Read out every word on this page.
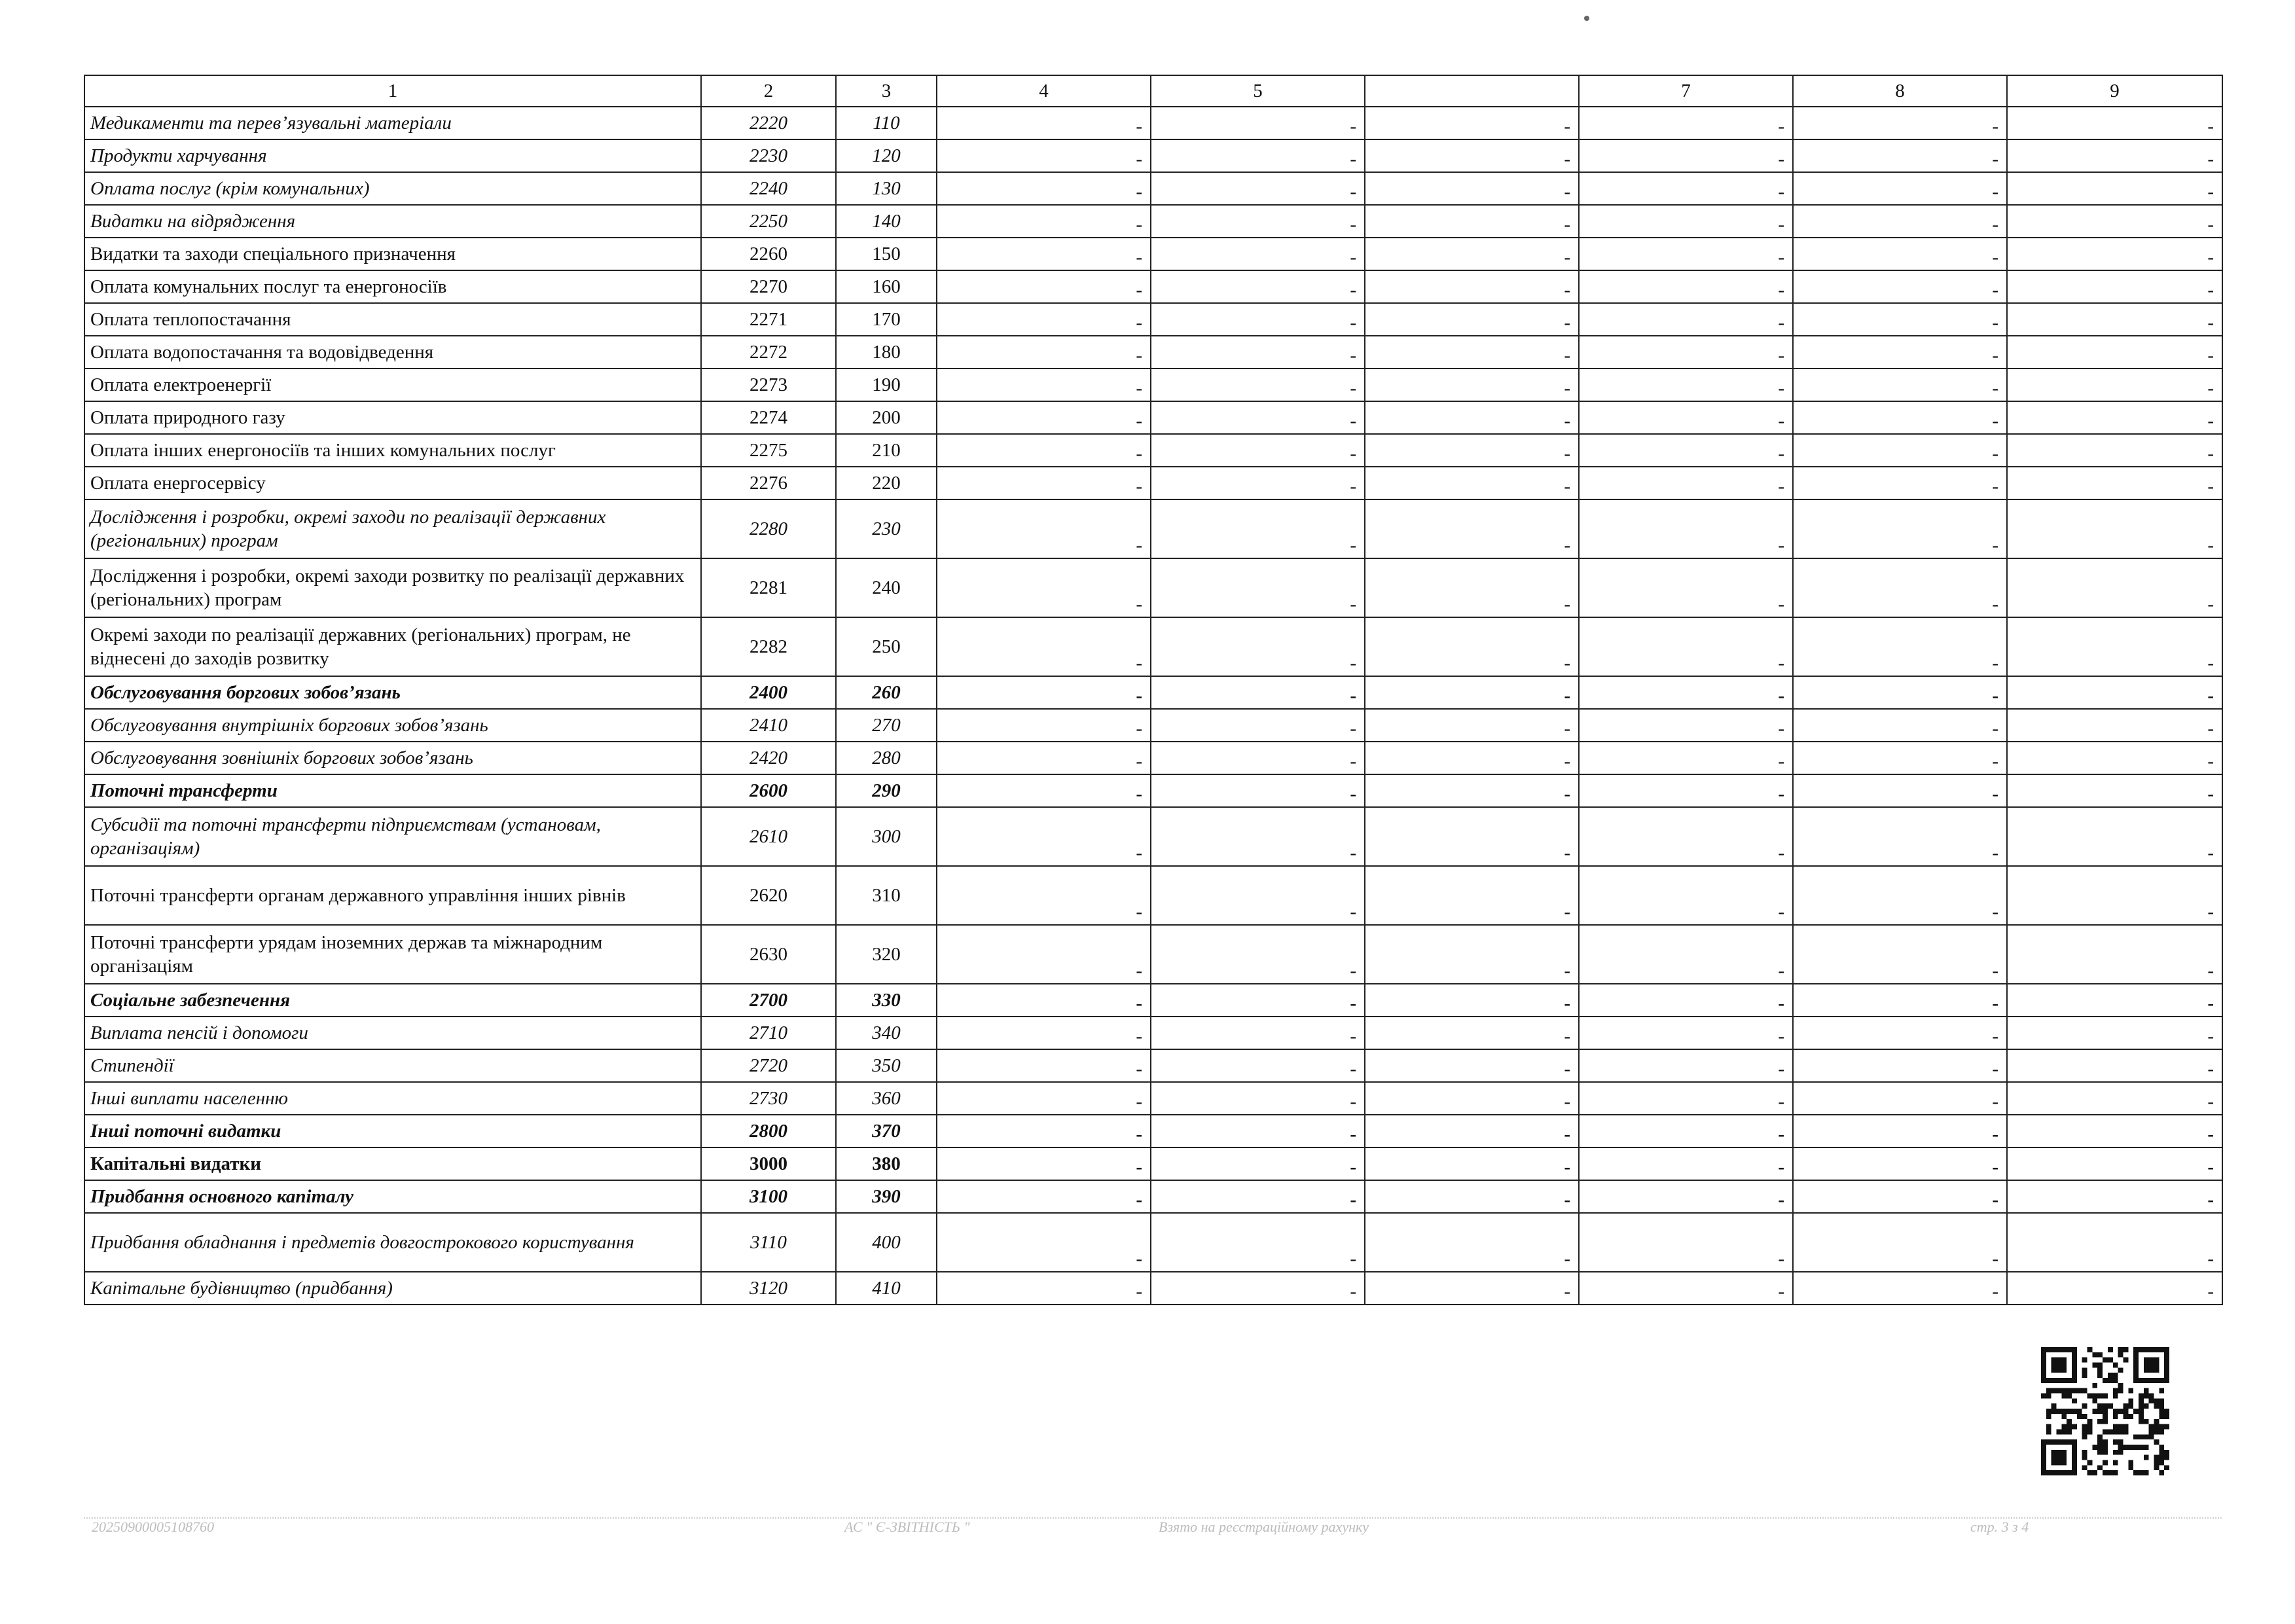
1	2	3	4	5		7	8	9
Медикаменти та перев’язувальні матеріали	2220	110	-	-	-	-	-	-
Продукти харчування	2230	120	-	-	-	-	-	-
Оплата послуг (крім комунальних)	2240	130	-	-	-	-	-	-
Видатки на відрядження	2250	140	-	-	-	-	-	-
Видатки та заходи спеціального призначення	2260	150	-	-	-	-	-	-
Оплата комунальних послуг та енергоносіїв	2270	160	-	-	-	-	-	-
Оплата теплопостачання	2271	170	-	-	-	-	-	-
Оплата водопостачання та водовідведення	2272	180	-	-	-	-	-	-
Оплата електроенергії	2273	190	-	-	-	-	-	-
Оплата природного газу	2274	200	-	-	-	-	-	-
Оплата інших енергоносіїв та інших комунальних послуг	2275	210	-	-	-	-	-	-
Оплата енергосервісу	2276	220	-	-	-	-	-	-
Дослідження і розробки, окремі заходи по реалізації державних (регіональних) програм	2280	230	-	-	-	-	-	-
Дослідження і розробки, окремі заходи розвитку по реалізації державних (регіональних) програм	2281	240	-	-	-	-	-	-
Окремі заходи по реалізації державних (регіональних) програм, не віднесені до заходів розвитку	2282	250	-	-	-	-	-	-
Обслуговування боргових зобов’язань	2400	260	-	-	-	-	-	-
Обслуговування внутрішніх боргових зобов’язань	2410	270	-	-	-	-	-	-
Обслуговування зовнішніх боргових зобов’язань	2420	280	-	-	-	-	-	-
Поточні трансферти	2600	290	-	-	-	-	-	-
Субсидії та поточні трансферти підприємствам (установам, організаціям)	2610	300	-	-	-	-	-	-
Поточні трансферти органам державного управління інших рівнів	2620	310	-	-	-	-	-	-
Поточні трансферти урядам іноземних держав та міжнародним організаціям	2630	320	-	-	-	-	-	-
Соціальне забезпечення	2700	330	-	-	-	-	-	-
Виплата пенсій і допомоги	2710	340	-	-	-	-	-	-
Стипендії	2720	350	-	-	-	-	-	-
Інші виплати населенню	2730	360	-	-	-	-	-	-
Інші поточні видатки	2800	370	-	-	-	-	-	-
Капітальні видатки	3000	380	-	-	-	-	-	-
Придбання основного капіталу	3100	390	-	-	-	-	-	-
Придбання обладнання і предметів довгострокового користування	3110	400	-	-	-	-	-	-
Капітальне будівництво (придбання)	3120	410	-	-	-	-	-	-
20250900005108760	АС " Є-ЗВІТНІСТЬ "	Взято на реєстраційному рахунку	стр. 3 з 4
